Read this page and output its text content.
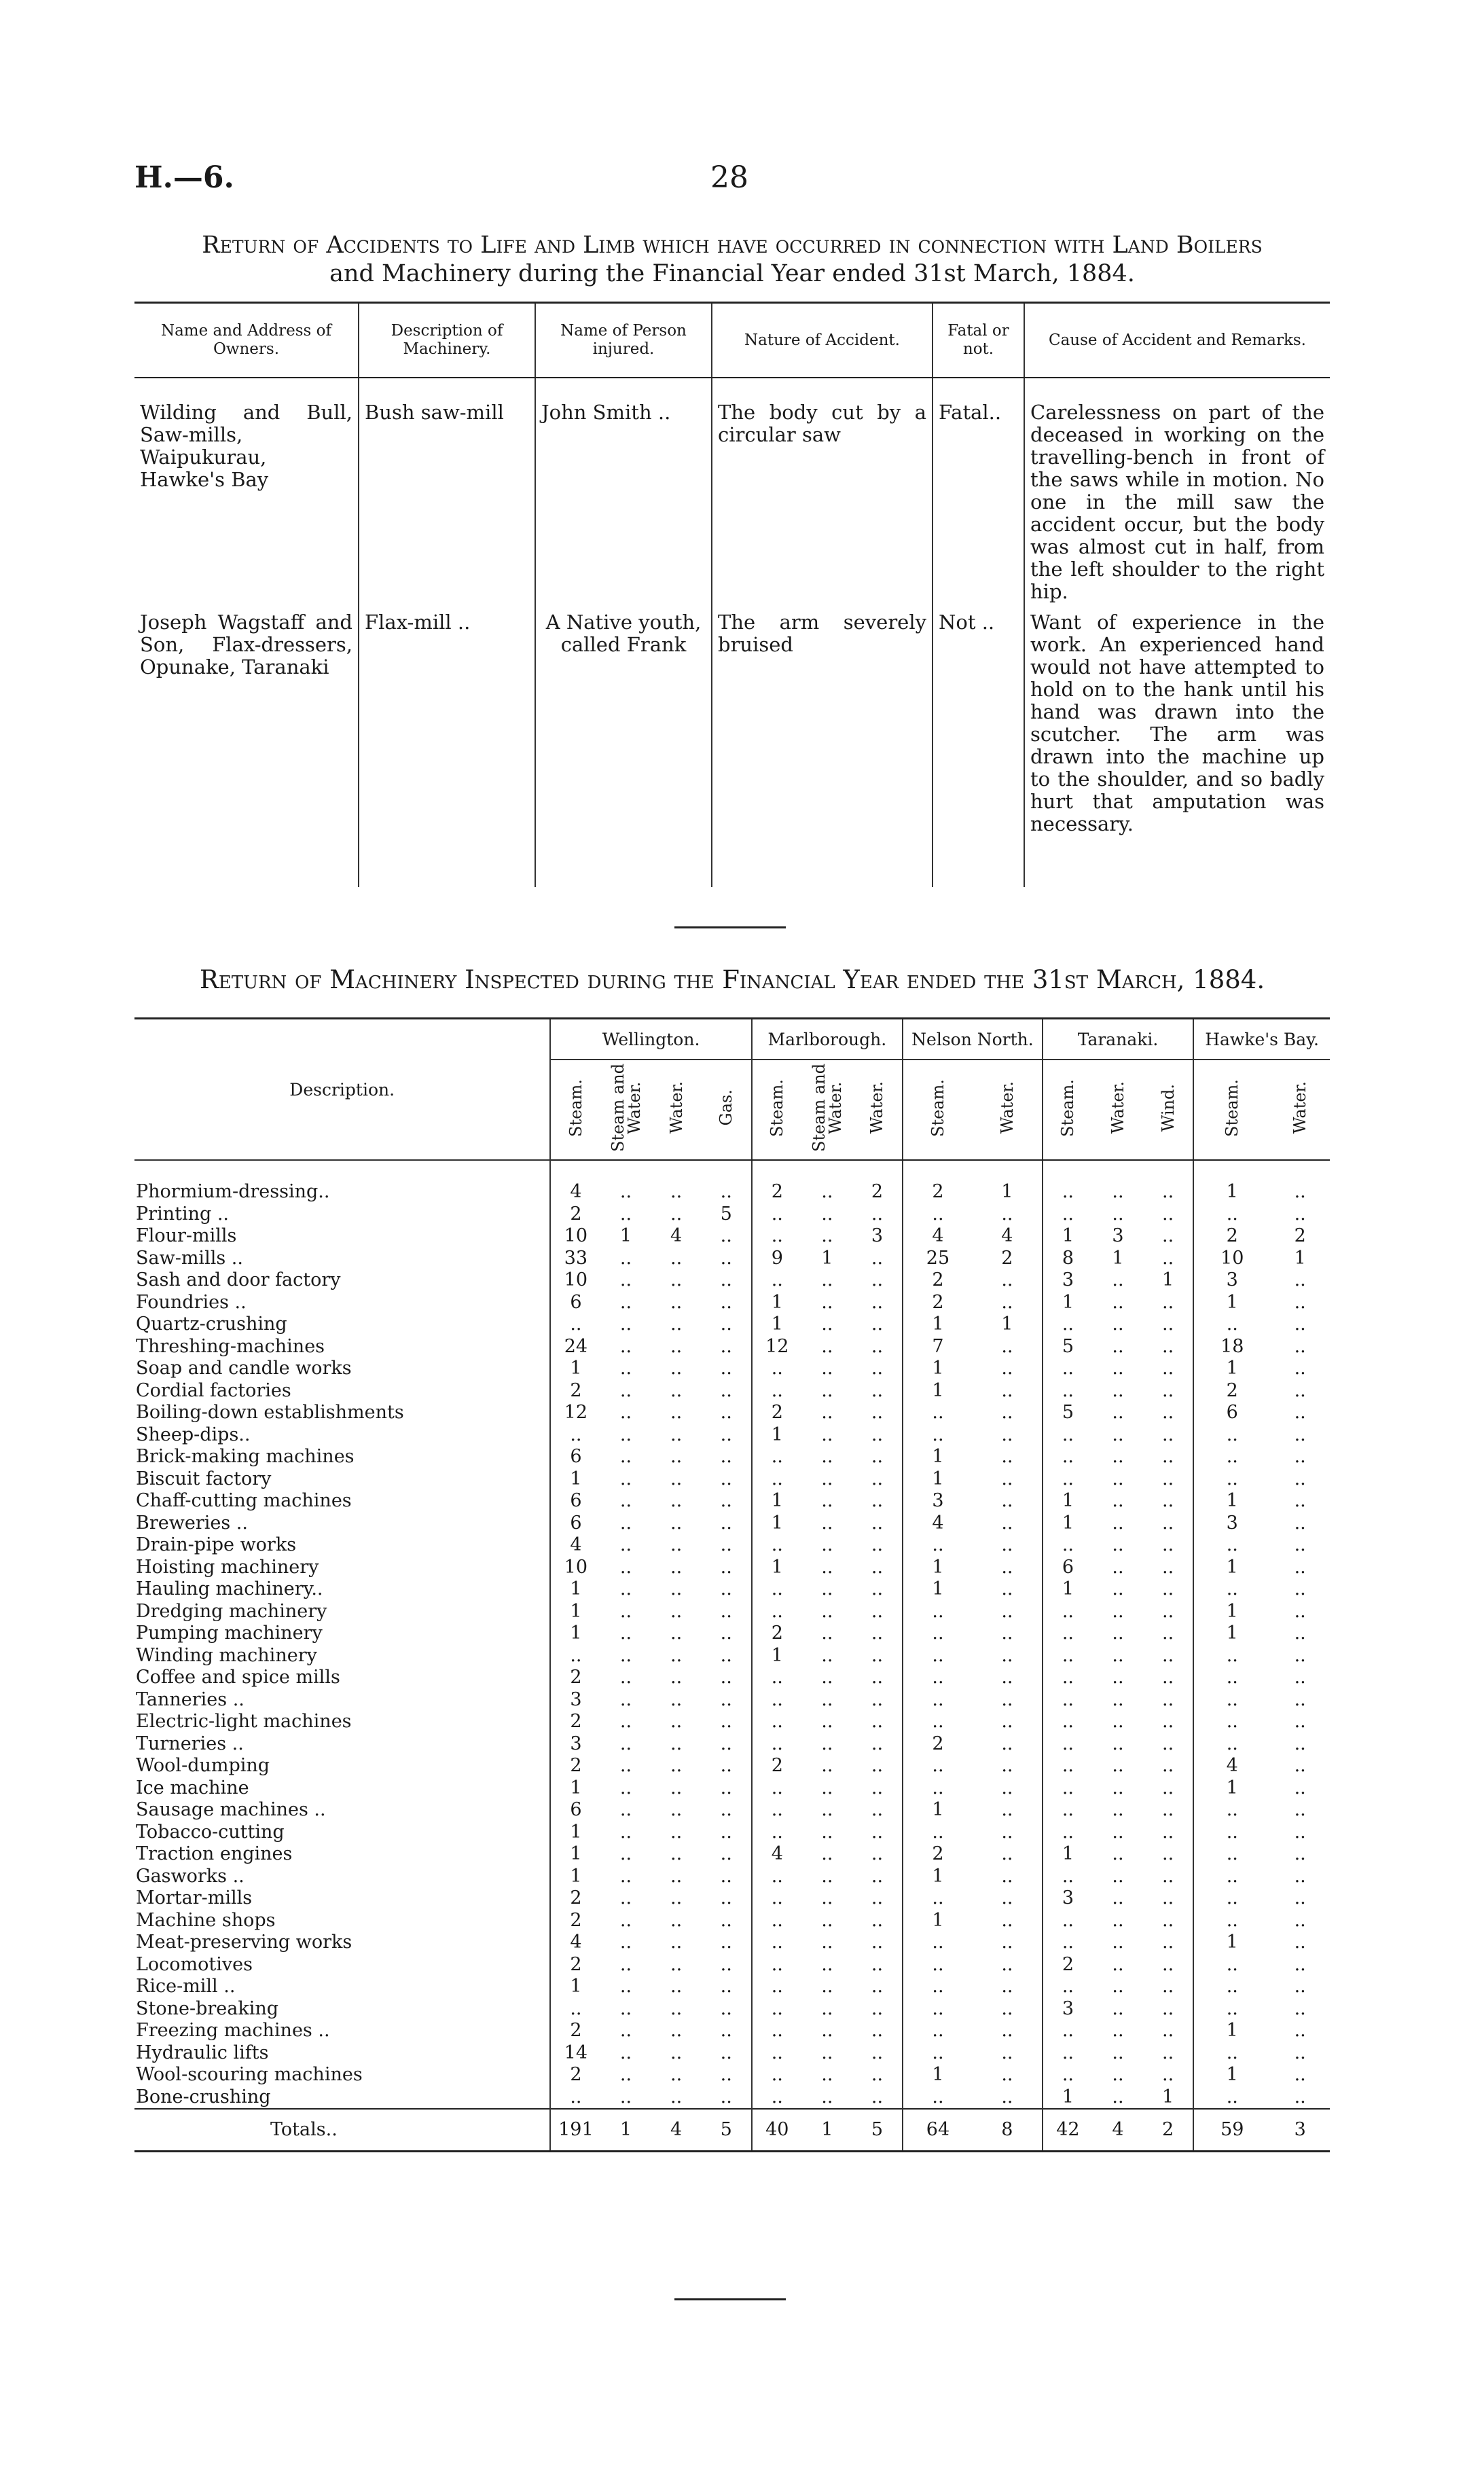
H.—6.	28
Return of Accidents to Life and Limb which have occurred in connection with Land Boilers
and Machinery during the Financial Year ended 31st March, 1884.
Name and Address of Owners.	Description of Machinery.	Name of Person injured.	Nature of Accident.	Fatal or not.	Cause of Accident and Remarks.
Wilding and Bull, Saw-mills, Waipukurau, Hawke's Bay	Bush saw-mill	John Smith ..	The body cut by a circular saw	Fatal..	Carelessness on part of the deceased in working on the travelling-bench in front of the saws while in motion. No one in the mill saw the accident occur, but the body was almost cut in half, from the left shoulder to the right hip.
Joseph Wagstaff and Son, Flax-dressers, Opunake, Taranaki	Flax-mill ..	A Native youth, called Frank	The arm severely bruised	Not ..	Want of experience in the work. An experienced hand would not have attempted to hold on to the hank until his hand was drawn into the scutcher. The arm was drawn into the machine up to the shoulder, and so badly hurt that amputation was necessary.
Return of Machinery Inspected during the Financial Year ended the 31st March, 1884.
Description.	Wellington.				Marlborough.			Nelson North.		Taranaki.			Hawke's Bay.	
	Steam.	Steam and Water.	Water.	Gas.	Steam.	Steam and Water.	Water.	Steam.	Water.	Steam.	Water.	Wind.	Steam.	Water.
Phormium-dressing..	4	..	..	..	2	..	2	2	1	..	..	..	1	..
Printing ..	2	..	..	5	..	..	..	..	..	..	..	..	..	..
Flour-mills	10	1	4	..	..	..	3	4	4	1	3	..	2	2
Saw-mills ..	33	..	..	..	9	1	..	25	2	8	1	..	10	1
Sash and door factory	10	..	..	..	..	..	..	2	..	3	..	1	3	..
Foundries ..	6	..	..	..	1	..	..	2	..	1	..	..	1	..
Quartz-crushing	..	..	..	..	1	..	..	1	1	..	..	..	..	..
Threshing-machines	24	..	..	..	12	..	..	7	..	5	..	..	18	..
Soap and candle works	1	..	..	..	..	..	..	1	..	..	..	..	1	..
Cordial factories	2	..	..	..	..	..	..	1	..	..	..	..	2	..
Boiling-down establishments	12	..	..	..	2	..	..	..	..	5	..	..	6	..
Sheep-dips..	..	..	..	..	1	..	..	..	..	..	..	..	..	..
Brick-making machines	6	..	..	..	..	..	..	1	..	..	..	..	..	..
Biscuit factory	1	..	..	..	..	..	..	1	..	..	..	..	..	..
Chaff-cutting machines	6	..	..	..	1	..	..	3	..	1	..	..	1	..
Breweries ..	6	..	..	..	1	..	..	4	..	1	..	..	3	..
Drain-pipe works	4	..	..	..	..	..	..	..	..	..	..	..	..	..
Hoisting machinery	10	..	..	..	1	..	..	1	..	6	..	..	1	..
Hauling machinery..	1	..	..	..	..	..	..	1	..	1	..	..	..	..
Dredging machinery	1	..	..	..	..	..	..	..	..	..	..	..	1	..
Pumping machinery	1	..	..	..	2	..	..	..	..	..	..	..	1	..
Winding machinery	..	..	..	..	1	..	..	..	..	..	..	..	..	..
Coffee and spice mills	2	..	..	..	..	..	..	..	..	..	..	..	..	..
Tanneries ..	3	..	..	..	..	..	..	..	..	..	..	..	..	..
Electric-light machines	2	..	..	..	..	..	..	..	..	..	..	..	..	..
Turneries ..	3	..	..	..	..	..	..	2	..	..	..	..	..	..
Wool-dumping	2	..	..	..	2	..	..	..	..	..	..	..	4	..
Ice machine	1	..	..	..	..	..	..	..	..	..	..	..	1	..
Sausage machines ..	6	..	..	..	..	..	..	1	..	..	..	..	..	..
Tobacco-cutting	1	..	..	..	..	..	..	..	..	..	..	..	..	..
Traction engines	1	..	..	..	4	..	..	2	..	1	..	..	..	..
Gasworks ..	1	..	..	..	..	..	..	1	..	..	..	..	..	..
Mortar-mills	2	..	..	..	..	..	..	..	..	3	..	..	..	..
Machine shops	2	..	..	..	..	..	..	1	..	..	..	..	..	..
Meat-preserving works	4	..	..	..	..	..	..	..	..	..	..	..	1	..
Locomotives	2	..	..	..	..	..	..	..	..	2	..	..	..	..
Rice-mill ..	1	..	..	..	..	..	..	..	..	..	..	..	..	..
Stone-breaking	..	..	..	..	..	..	..	..	..	3	..	..	..	..
Freezing machines ..	2	..	..	..	..	..	..	..	..	..	..	..	1	..
Hydraulic lifts	14	..	..	..	..	..	..	..	..	..	..	..	..	..
Wool-scouring machines	2	..	..	..	..	..	..	1	..	..	..	..	1	..
Bone-crushing	..	..	..	..	..	..	..	..	..	1	..	1	..	..
Totals..	191	1	4	5	40	1	5	64	8	42	4	2	59	3
